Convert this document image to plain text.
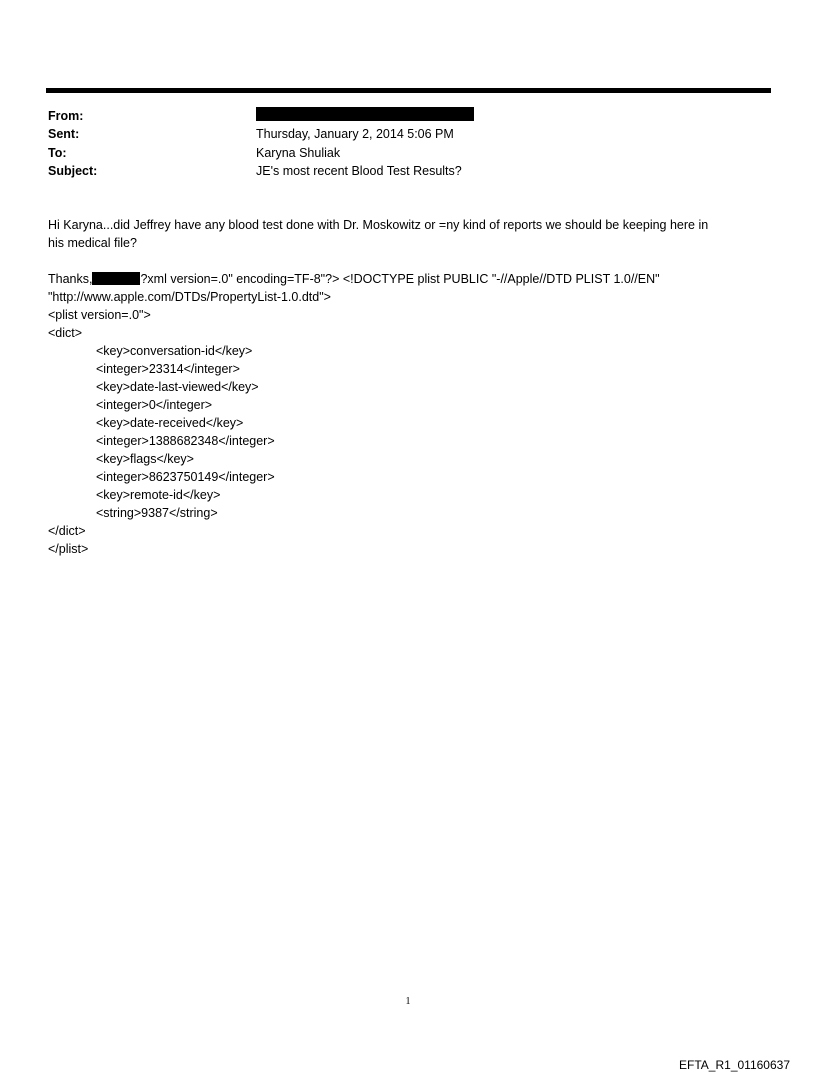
From:
Sent:
To:
Subject:
Thursday, January 2, 2014 5:06 PM
Karyna Shuliak
JE's most recent Blood Test Results?
Hi Karyna...did Jeffrey have any blood test done with Dr. Moskowitz or =ny kind of reports we should be keeping here in
his medical file?
Thanks,	?xml version=.0" encoding=TF-8"?> <!DOCTYPE plist PUBLIC "-//Apple//DTD PLIST 1.0//EN"
"http://www.apple.com/DTDs/PropertyList-1.0.dtd">
<plist version=.0">
<dict>
<key>conversation-id</key>
<integer>23314</integer>
<key>date-last-viewed</key>
<integer>0</integer>
<key>date-received</key>
<integer>1388682348</integer>
<key>flags</key>
<integer>8623750149</integer>
<key>remote-id</key>
<string>9387</string>
</dict>
</plist>
1
EFTA_R1_01160637
